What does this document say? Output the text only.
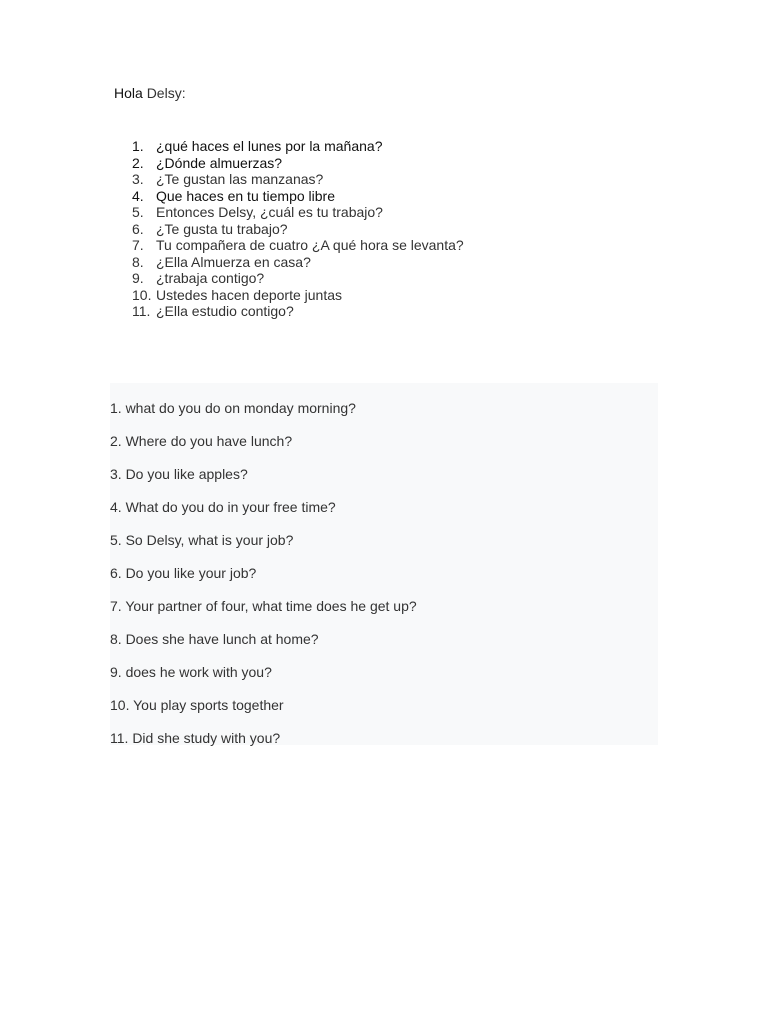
Hola Delsy:
1. ¿qué haces el lunes por la mañana?
2. ¿Dónde almuerzas?
3. ¿Te gustan las manzanas?
4. Que haces en tu tiempo libre
5. Entonces Delsy, ¿cuál es tu trabajo?
6. ¿Te gusta tu trabajo?
7. Tu compañera de cuatro ¿A qué hora se levanta?
8. ¿Ella Almuerza en casa?
9. ¿trabaja contigo?
10. Ustedes hacen deporte juntas
11. ¿Ella estudio contigo?
1. what do you do on monday morning?
2. Where do you have lunch?
3. Do you like apples?
4. What do you do in your free time?
5. So Delsy, what is your job?
6. Do you like your job?
7. Your partner of four, what time does he get up?
8. Does she have lunch at home?
9. does he work with you?
10. You play sports together
11. Did she study with you?
